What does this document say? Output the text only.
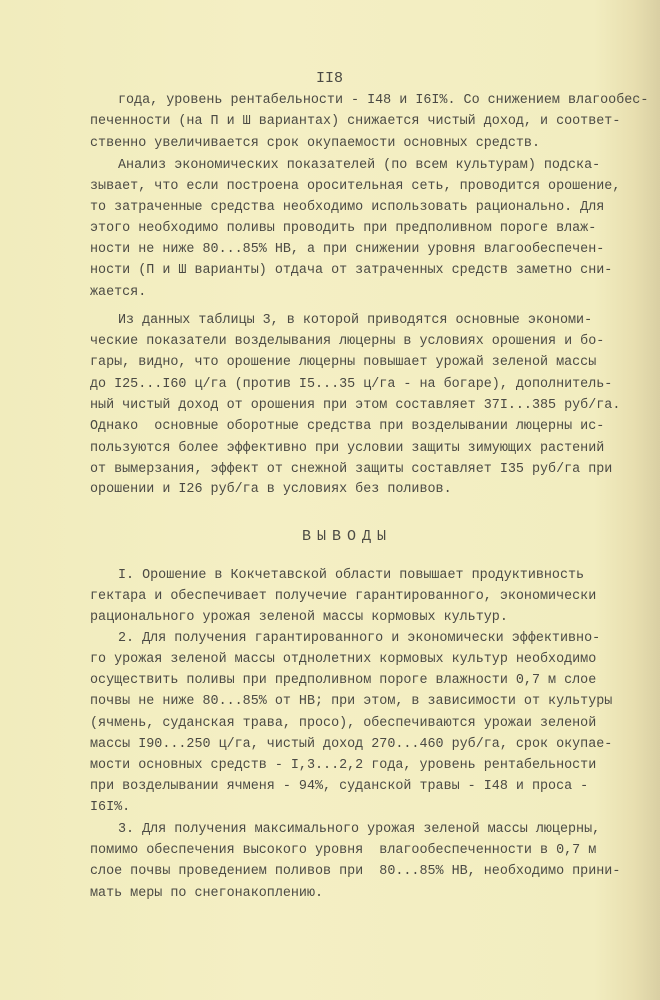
II8
года, уровень рентабельности - I48 и I6I%. Со снижением влагообес-
печенности (на П и Ш вариантах) снижается чистый доход, и соответ-
ственно увеличивается срок окупаемости основных средств.
Анализ экономических показателей (по всем культурам) подска-
зывает, что если построена оросительная сеть, проводится орошение,
то затраченные средства необходимо использовать рационально. Для
этого необходимо поливы проводить при предполивном пороге влаж-
ности не ниже 80...85% НВ, а при снижении уровня влагообеспечен-
ности (П и Ш варианты) отдача от затраченных средств заметно сни-
жается.
Из данных таблицы 3, в которой приводятся основные экономи-
ческие показатели возделывания люцерны в условиях орошения и бо-
гары, видно, что орошение люцерны повышает урожай зеленой массы
до I25...I60 ц/га (против I5...35 ц/га - на богаре), дополнитель-
ный чистый доход от орошения при этом составляет 37I...385 руб/га.
Однако  основные оборотные средства при возделывании люцерны ис-
пользуются более эффективно при условии защиты зимующих растений
от вымерзания, эффект от снежной защиты составляет I35 руб/га при
орошении и I26 руб/га в условиях без поливов.
ВЫВОДЫ
I. Орошение в Кокчетавской области повышает продуктивность
гектара и обеспечивает получечие гарантированного, экономически
рационального урожая зеленой массы кормовых культур.
2. Для получения гарантированного и экономически эффективно-
го урожая зеленой массы отднолетних кормовых культур необходимо
осуществить поливы при предполивном пороге влажности 0,7 м слое
почвы не ниже 80...85% от НВ; при этом, в зависимости от культуры
(ячмень, суданская трава, просо), обеспечиваются урожаи зеленой
массы I90...250 ц/га, чистый доход 270...460 руб/га, срок окупае-
мости основных средств - I,3...2,2 года, уровень рентабельности
при возделывании ячменя - 94%, суданской травы - I48 и проса -
I6I%.
3. Для получения максимального урожая зеленой массы люцерны,
помимо обеспечения высокого уровня  влагообеспеченности в 0,7 м
слое почвы проведением поливов при  80...85% НВ, необходимо прини-
мать меры по снегонакоплению.
